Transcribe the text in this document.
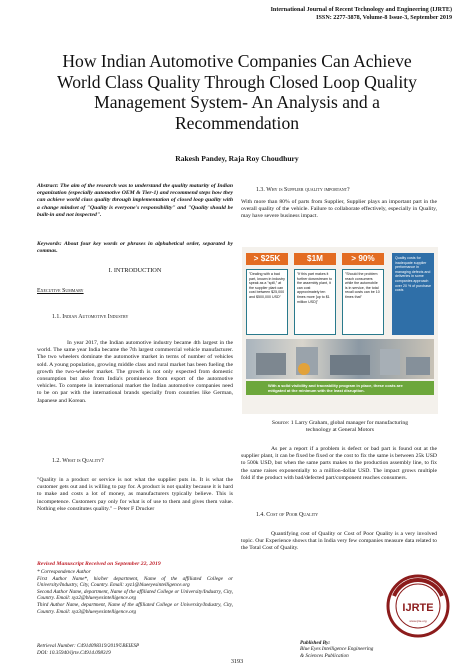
International Journal of Recent Technology and Engineering (IJRTE)
ISSN: 2277-3878, Volume-8 Issue-3, September 2019
How Indian Automotive Companies Can Achieve World Class Quality Through Closed Loop Quality Management System- An Analysis and a Recommendation
Rakesh Pandey, Raja Roy Choudhury
Abstract: The aim of the research was to understand the quality maturity of Indian organization (especially automotive OEM & Tier-1) and recommend steps how they can achieve world class quality through implementation of closed loop quality with a change mindset of "Quality is everyone's responsibility" and "Quality should be built-in and not inspected".
Keywords: About four key words or phrases in alphabetical order, separated by commas.
I. INTRODUCTION
Executive Summary
1.1. Indian Automotive Industry
In year 2017, the Indian automotive industry became 4th largest in the world. The same year India became the 7th largest commercial vehicle manufacturer. The two wheelers dominate the automotive market in terms of number of vehicles sold. A young population, growing middle class and rural market has been fueling the growth the two-wheeler market. The growth is not only expected from domestic consumption but also from India's prominence from export of the automotive vehicles. To compete in international market the Indian automotive companies need to be on par with the international brands specially from countries like German, Japanese and Korean.
1.2. What is Quality?
"Quality in a product or service is not what the supplier puts in. It is what the customer gets out and is willing to pay for. A product is not quality because it is hard to make and costs a lot of money, as manufacturers typically believe. This is incompetence. Customers pay only for what is of use to them and gives them value. Nothing else constitutes quality." – Peter F Drucker
Revised Manuscript Received on September 22, 2019
* Correspondence Author
First Author Name*, his/her department, Name of the affiliated College or University/Industry, City, Country. Email: xyz1@blueeyesintelligence.org
Second Author Name, department, Name of the affiliated College or University/Industry, City, Country. Email: xyz2@blueeyesintelligence.org
Third Author Name, department, Name of the affiliated College or University/Industry, City, Country. Email: xyz3@blueeyesintelligence.org
Retrieval Number: C4914098319/2019©BEIESP
DOI: 10.35940/ijrte.C4914.098319
3193
Published By:
Blue Eyes Intelligence Engineering
& Sciences Publication
1.3. Why is Supplier quality important?
With more than 80% of parts from Supplier, Supplier plays an important part in the overall quality of the vehicle. Failure to collaborate effectively, especially in Quality, may have severe business impact.
> $25K	$1M	> 90%
"Dealing with a bad part, known in industry speak as a "spill," at the supplier plant can cost between $25,000 and $500,000 USD"
"If this part makes it further downstream to the assembly plant, it can cost approximately ten times more [up to $1 million USD]"
"Should the problem reach consumers while the automobile is in service, the total recall costs can be 10 times that"
Quality costs for inadequate supplier performance in managing defects and deliveries in some companies approach over 20 % of purchase costs
With a solid visibility and traceability program in place, these costs are mitigated at the minimum with the least disruption.
Source: 1 Larry Graham, global manager for manufacturing technology at General Motors
As per a report if a problem is defect or bad part is found out at the supplier plant, it can be fixed be fixed or the cost to fix the same is between 25k USD to 500k USD, but when the same parts makes to the production assembly line, to fix the same raises exponentially to a million-dollar USD. The impact grows multiple fold if the product with bad/defected part/component reaches consumers.
1.4. Cost of Poor Quality
Quantifying cost of Quality or Cost of Poor Quality is a very involved topic. Our Experience shows that in India very few companies measure data related to the Total Cost of Quality.
IJRTE
www.ijrte.org
